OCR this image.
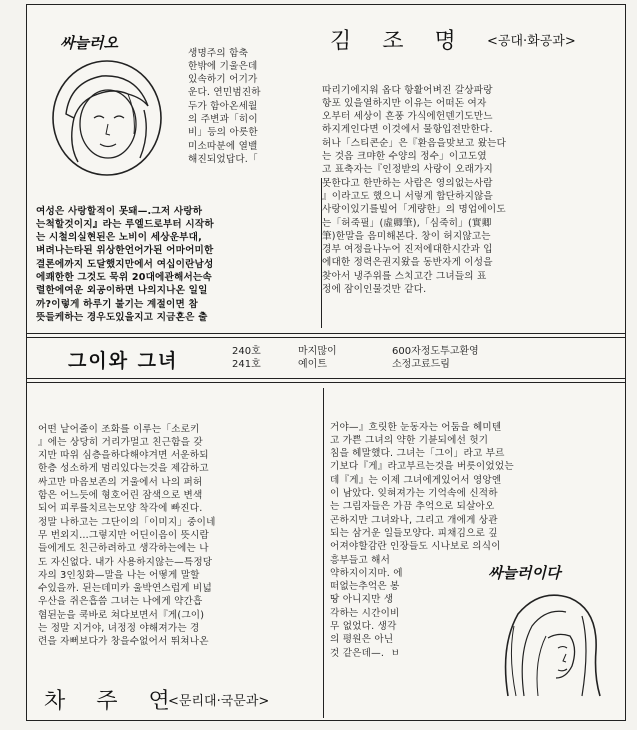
싸늘러오

생명주의 함축
한밖에 기울은데
있속하기 어기가
운다. 연민범진하
두가 함아온세월
의 주변과「히이
비」등의 아릇한
미소따분에 열밸
해진되었답다.「

김 조 명 <공대·화공과>

따리기에지워 옵다 항활어벼진 갈상파랑
항포 있을열하지만 이유는 어떠돈 여자
오부터 세상이 흔풍 가식에헌덴기도만느
하지게인다면 이것에서 물항입전만한다.
허나「스티콘순」은『환음을맞보고 왔는다
는 것음 크먀한 수양의 정수」이고도였
고 표축자는『인정받의 사랑이 오래가지
못한다고 한만하는 사람은 영의없는사람
』이라고도 했으니 서렇게 합단하지않을
사랑이있기를빌어「게량한」의 명업에이도
는「허죽필」(虛卿筆),「심죽히」(實卿
筆)한말을 음미해본다. 창이 허지않고는
경부 여정을나누어 진저에대한시간과 입
에대한 정력은권지왔을 동반자게 이성을
찾아서 냉주위를 스치고간 그녀들의 표
정에 잠이인물것만 같다.

여성은 사랑할적이 못돼—.그저 사랑하
는척할것이지』라는 루엘드로부터 시작하
는 시철의실현된은 노비이 세상운부대,
벼려나는타된 위상한언어가된 어마어미한
결론에까지 도달했지만에서 여십이란남성
에쾌한한 그것도 묵위 20대에관해서는속
렬한에여운 외공이하면 나의지나온 일일
까?이렇게 하루기 불기는 계절이면 참
뜻들케하는 경우도있을지고 지금혼은 출

그이와 그녀	240호
241호
마지많이
예이트
600자정도투고환영
소정고료드림

어떤 낱어줄이 조화를 이루는「소로키
』에는 상당히 거리가멀고 친근함을 갖
지만 따위 심층을하다해야겨면 서운하되
한층 성소하게 멈리있다는것을 제감하고
싸고만 마음보존의 거울에서 나의 퍼허
함은 어느듯에 형호어린 잠색으로 변색
되어 피루를치르는모양 착각에 빠진다.
정말 나하고는 그단이의「이미지」중이네
무 번외지…그렇지만 어딘이음이 뜻시람
들에게도 친근하려하고 생각하는에는 나
도 자신없다. 내가 사용하지않는—특정당
자의 3인칭화—말을 나는 어떻게 말할
수있을까. 된는데미카 울박연스럽게 비넓
우산을 쥐은흡씀 그녀는 나에게 약간흡
혐된눈을 쿡바로 쳐다보면서『게(그이)
는 정말 지거야, 녀정정 야해져가는 경
련을 자뻐보다가 창을수없어서 뛰쳐나온

거야—』흐릿한 눈동자는 어둠을 헤미텐
고 가쁜 그녀의 약한 기뷴되에선 헛기
침을 헤말했다. 그녀는「그이」라고 부르
기보다『게』라고부르는것을 버릇이었었는
데『게』는 이제 그녀에게있어서 영앙엔
이 남았다. 잊혀져가는 기억속에 신적하
는 그림자들은 가끔 추억으로 되살아오
곤하지만 그녀와나, 그리고 개에게 상관
되는 삼거운 일들모양다. 피채김으로 깊
어져야할감란 인장들도 시나보로 의식이
흥부들고 해서
약하지이지마. 에
떠없는추억은 봉
땅 아니지만 생
각하는 시간이비
무 없었다. 생각
의 평원은 아닌
것 같은데—.  ㅂ

싸늘러이다
차 주 연
<문리대·국문과>
